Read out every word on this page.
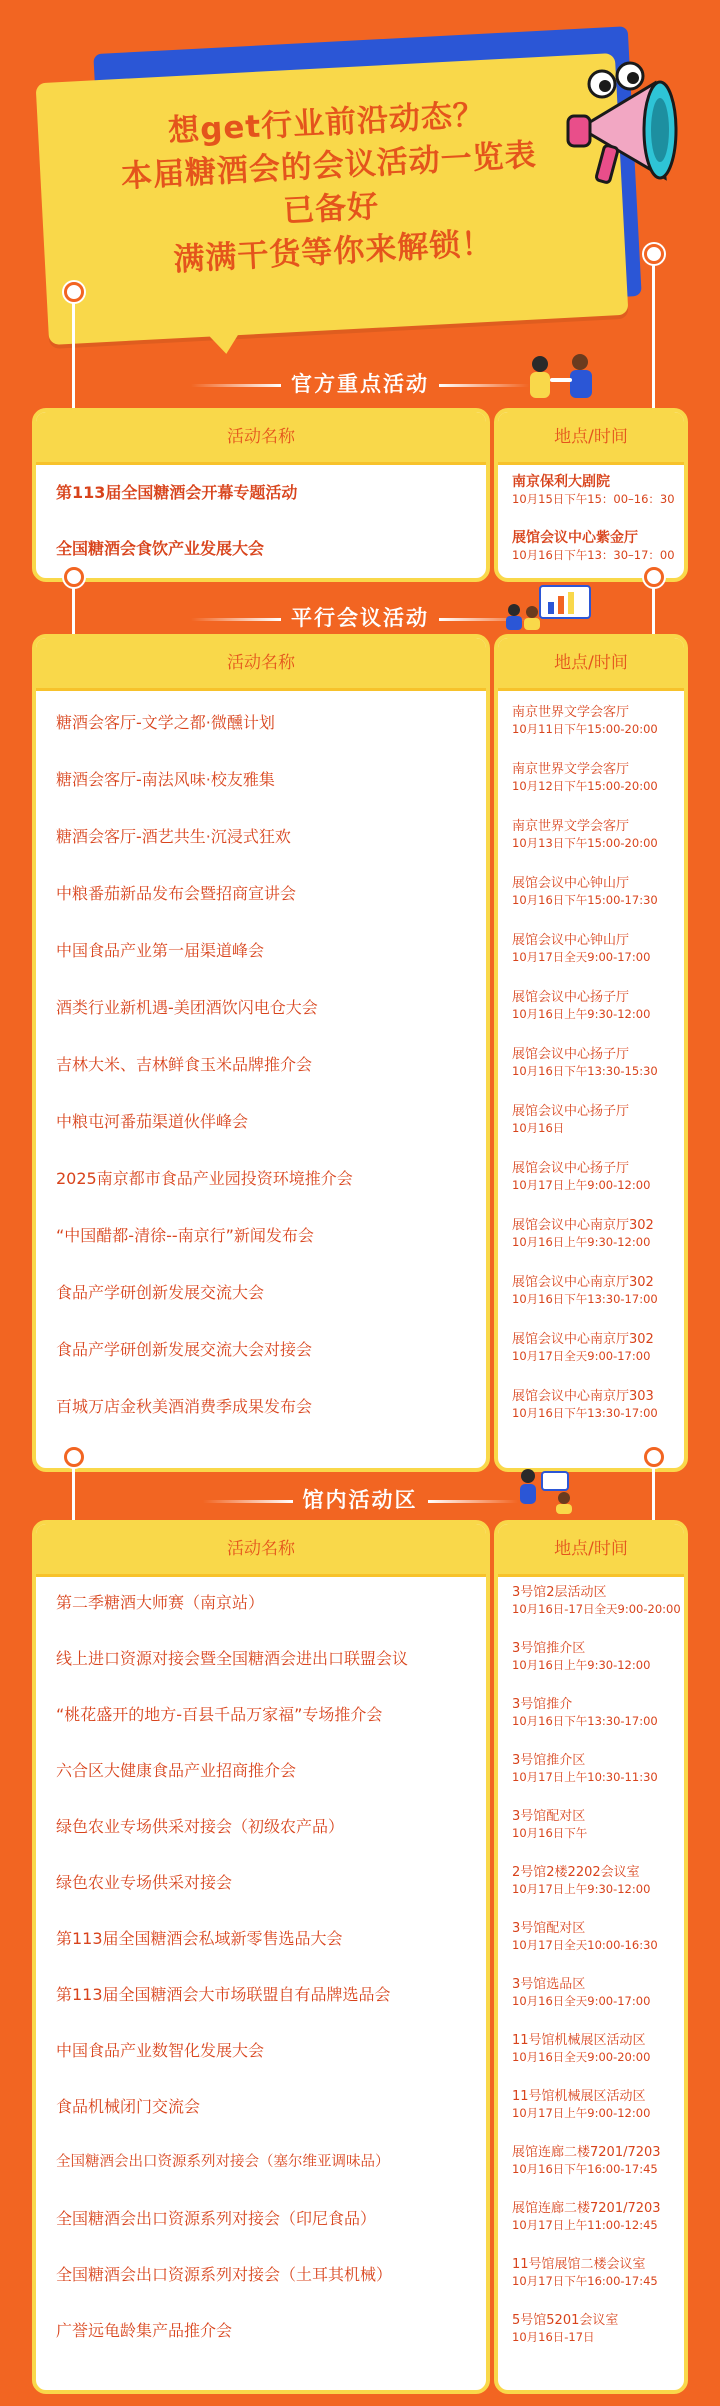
想get行业前沿动态？
本届糖酒会的会议活动一览表
已备好
满满干货等你来解锁！
官方重点活动
活动名称
第113届全国糖酒会开幕专题活动
全国糖酒会食饮产业发展大会
地点/时间
南京保利大剧院
10月15日下午15：00–16：30
展馆会议中心紫金厅
10月16日下午13：30–17：00
平行会议活动
活动名称
糖酒会客厅-文学之都·微醺计划
糖酒会客厅-南法风味·校友雅集
糖酒会客厅-酒艺共生·沉浸式狂欢
中粮番茄新品发布会暨招商宣讲会
中国食品产业第一届渠道峰会
酒类行业新机遇-美团酒饮闪电仓大会
吉林大米、吉林鲜食玉米品牌推介会
中粮屯河番茄渠道伙伴峰会
2025南京都市食品产业园投资环境推介会
“中国醋都-清徐--南京行”新闻发布会
食品产学研创新发展交流大会
食品产学研创新发展交流大会对接会
百城万店金秋美酒消费季成果发布会
地点/时间
南京世界文学会客厅
10月11日下午15:00-20:00
南京世界文学会客厅
10月12日下午15:00-20:00
南京世界文学会客厅
10月13日下午15:00-20:00
展馆会议中心钟山厅
10月16日下午15:00-17:30
展馆会议中心钟山厅
10月17日全天9:00-17:00
展馆会议中心扬子厅
10月16日上午9:30-12:00
展馆会议中心扬子厅
10月16日下午13:30-15:30
展馆会议中心扬子厅
10月16日
展馆会议中心扬子厅
10月17日上午9:00-12:00
展馆会议中心南京厅302
10月16日上午9:30-12:00
展馆会议中心南京厅302
10月16日下午13:30-17:00
展馆会议中心南京厅302
10月17日全天9:00-17:00
展馆会议中心南京厅303
10月16日下午13:30-17:00
馆内活动区
活动名称
第二季糖酒大师赛（南京站）
线上进口资源对接会暨全国糖酒会进出口联盟会议
“桃花盛开的地方-百县千品万家福”专场推介会
六合区大健康食品产业招商推介会
绿色农业专场供采对接会（初级农产品）
绿色农业专场供采对接会
第113届全国糖酒会私域新零售选品大会
第113届全国糖酒会大市场联盟自有品牌选品会
中国食品产业数智化发展大会
食品机械闭门交流会
全国糖酒会出口资源系列对接会（塞尔维亚调味品）
全国糖酒会出口资源系列对接会（印尼食品）
全国糖酒会出口资源系列对接会（土耳其机械）
广誉远龟龄集产品推介会
地点/时间
3号馆2层活动区
10月16日-17日全天9:00-20:00
3号馆推介区
10月16日上午9:30-12:00
3号馆推介
10月16日下午13:30-17:00
3号馆推介区
10月17日上午10:30-11:30
3号馆配对区
10月16日下午
2号馆2楼2202会议室
10月17日上午9:30-12:00
3号馆配对区
10月17日全天10:00-16:30
3号馆选品区
10月16日全天9:00-17:00
11号馆机械展区活动区
10月16日全天9:00-20:00
11号馆机械展区活动区
10月17日上午9:00-12:00
展馆连廊二楼7201/7203
10月16日下午16:00-17:45
展馆连廊二楼7201/7203
10月17日上午11:00-12:45
11号馆展馆二楼会议室
10月17日下午16:00-17:45
5号馆5201会议室
10月16日-17日
